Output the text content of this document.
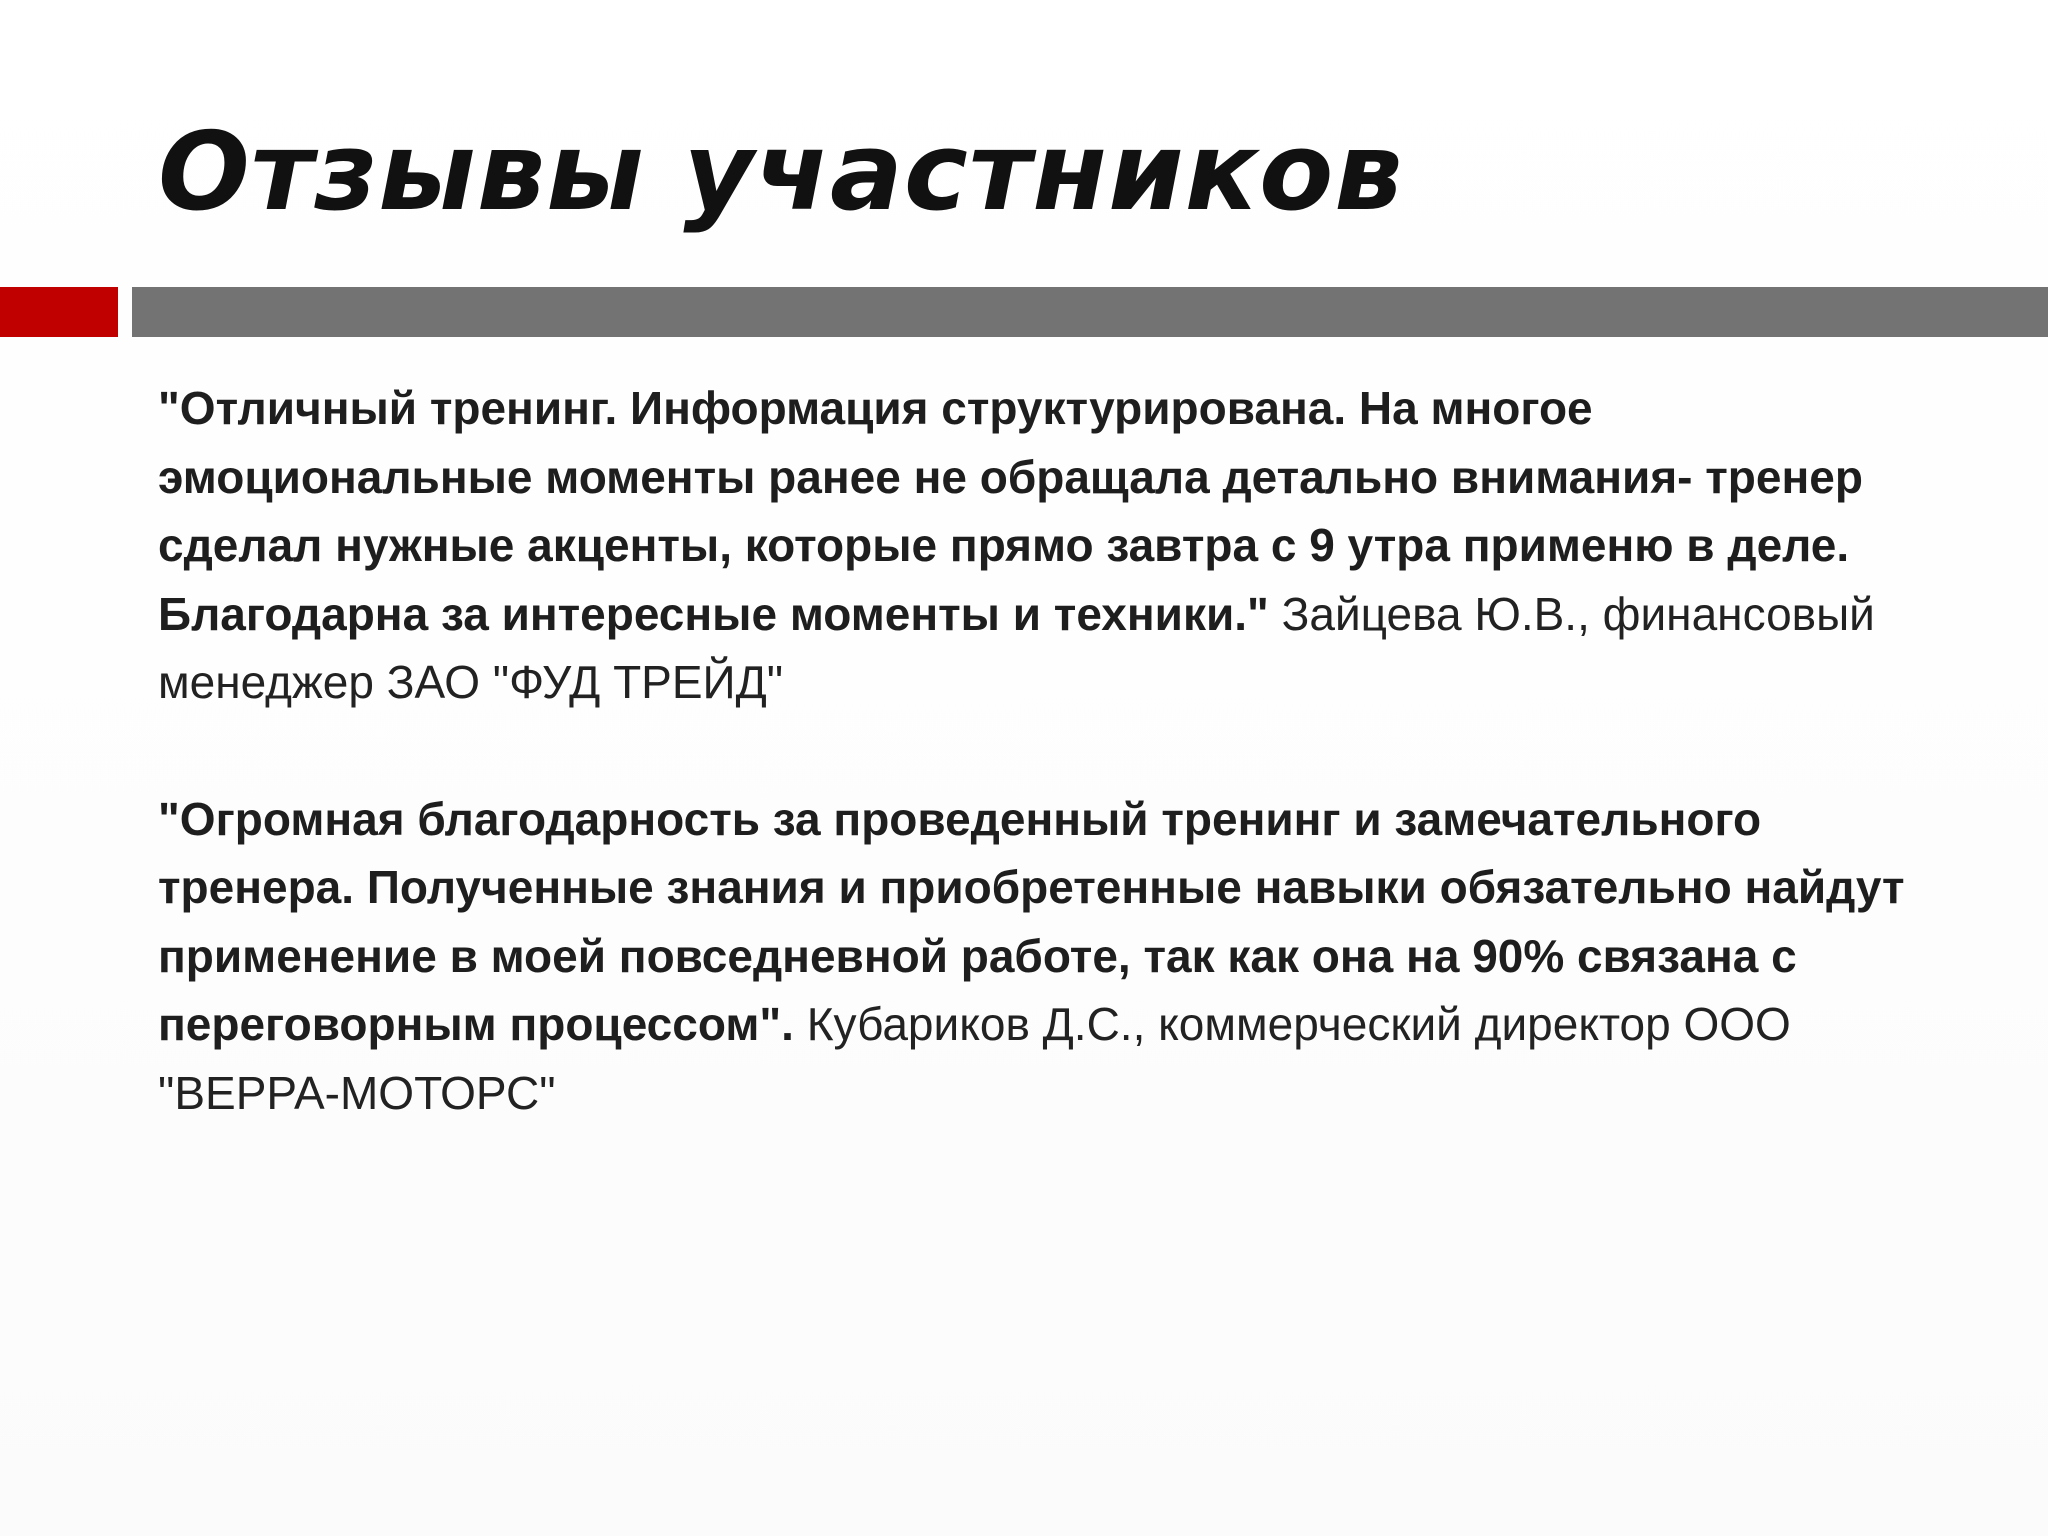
Отзывы участников

"Отличный тренинг. Информация структурирована. На многое эмоциональные моменты ранее не обращала детально внимания- тренер сделал нужные акценты, которые прямо завтра с 9 утра применю в деле. Благодарна за интересные моменты и техники." Зайцева Ю.В., финансовый менеджер ЗАО "ФУД ТРЕЙД"

"Огромная благодарность за проведенный тренинг и замечательного тренера. Полученные знания и приобретенные навыки обязательно найдут применение в моей повседневной работе, так как она на 90% связана с переговорным процессом". Кубариков Д.С., коммерческий директор ООО "ВЕРРА-МОТОРС"
